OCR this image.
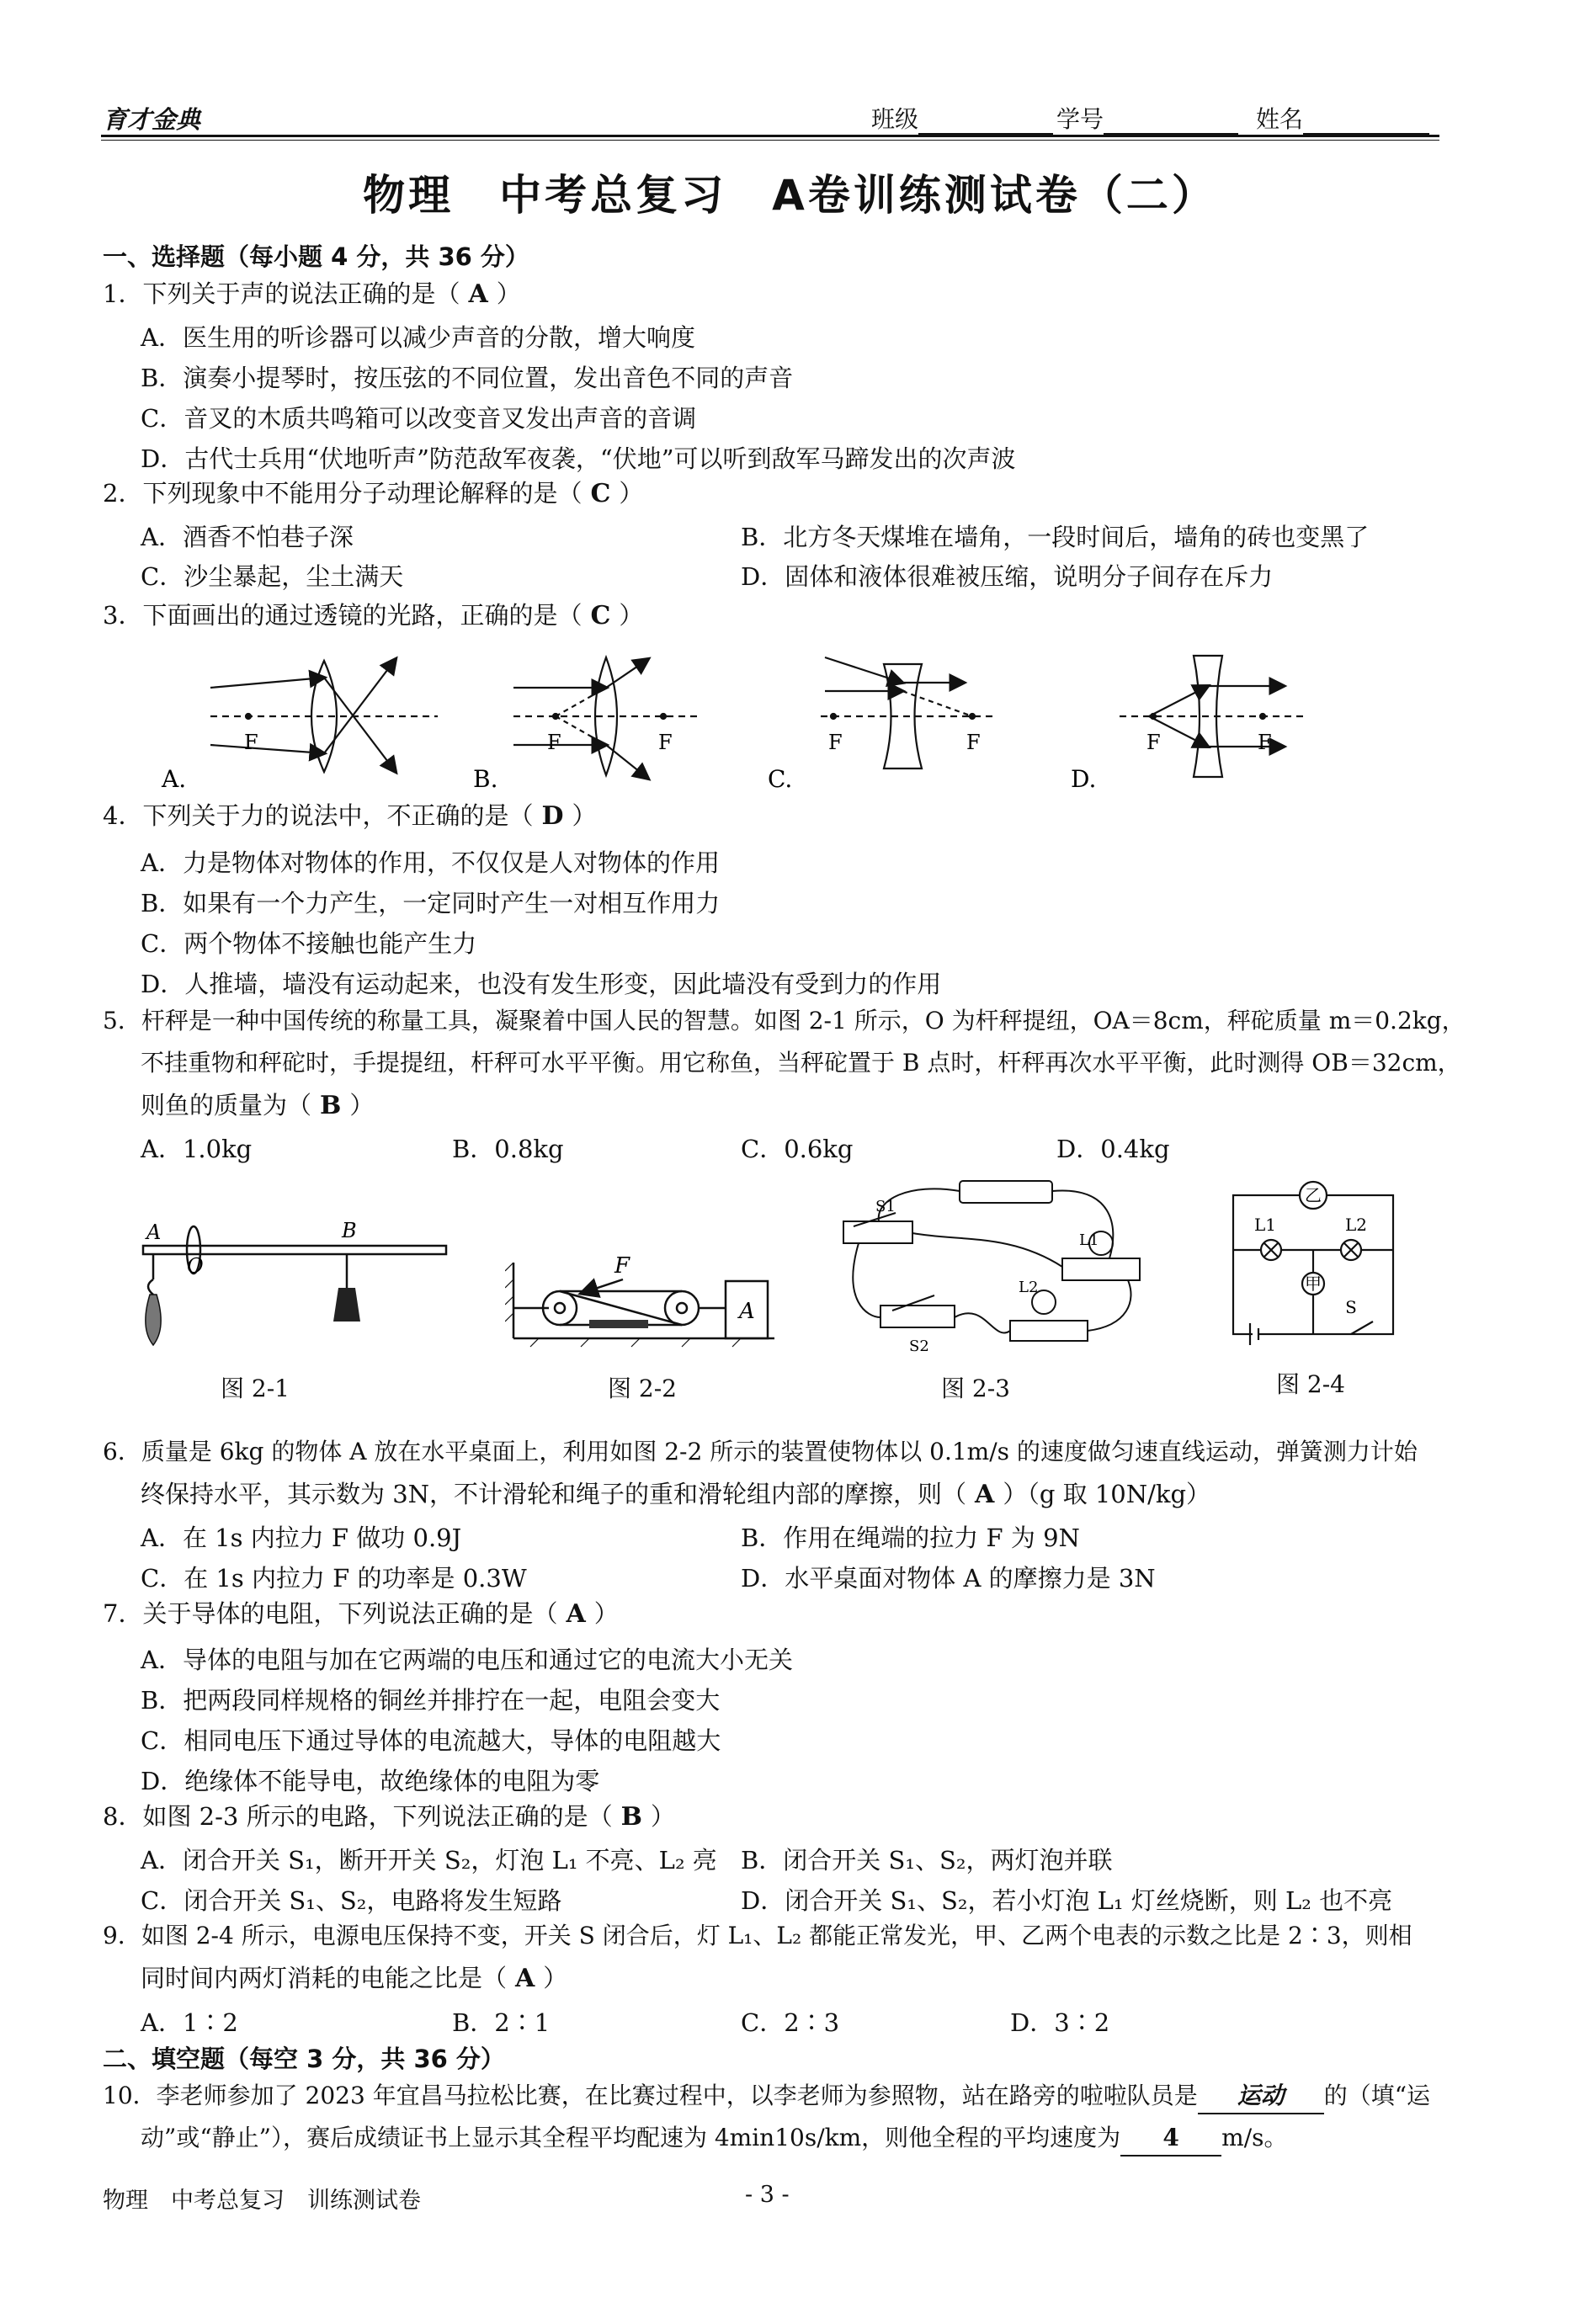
育才金典	班级	学号	姓名
物理　中考总复习　A卷训练测试卷（二）
一、选择题（每小题 4 分，共 36 分）
1．下列关于声的说法正确的是（ A ）
A．医生用的听诊器可以减少声音的分散，增大响度
B．演奏小提琴时，按压弦的不同位置，发出音色不同的声音
C．音叉的木质共鸣箱可以改变音叉发出声音的音调
D．古代士兵用“伏地听声”防范敌军夜袭，“伏地”可以听到敌军马蹄发出的次声波
2．下列现象中不能用分子动理论解释的是（ C ）
A．酒香不怕巷子深	B．北方冬天煤堆在墙角，一段时间后，墙角的砖也变黑了
C．沙尘暴起，尘土满天	D．固体和液体很难被压缩，说明分子间存在斥力
3．下面画出的通过透镜的光路，正确的是（ C ）
F	F	F	F	F	F	F
A.	B.	C.	D.
4．下列关于力的说法中，不正确的是（ D ）
A．力是物体对物体的作用，不仅仅是人对物体的作用
B．如果有一个力产生，一定同时产生一对相互作用力
C．两个物体不接触也能产生力
D．人推墙，墙没有运动起来，也没有发生形变，因此墙没有受到力的作用
5．杆秤是一种中国传统的称量工具，凝聚着中国人民的智慧。如图 2-1 所示，O 为杆秤提纽，OA＝8cm，秤砣质量 m＝0.2kg，
不挂重物和秤砣时，手提提纽，杆秤可水平平衡。用它称鱼，当秤砣置于 B 点时，杆秤再次水平平衡，此时测得 OB＝32cm，
则鱼的质量为（ B ）
A．1.0kg	B．0.8kg	C．0.6kg	D．0.4kg
A
O
B
图 2-1
F
A
图 2-2
S1
L1
L2
S2
图 2-3
乙
L1	L2
甲
S
图 2-4
6．质量是 6kg 的物体 A 放在水平桌面上，利用如图 2-2 所示的装置使物体以 0.1m/s 的速度做匀速直线运动，弹簧测力计始
终保持水平，其示数为 3N，不计滑轮和绳子的重和滑轮组内部的摩擦，则（ A ）（g 取 10N/kg）
A．在 1s 内拉力 F 做功 0.9J	B．作用在绳端的拉力 F 为 9N
C．在 1s 内拉力 F 的功率是 0.3W	D．水平桌面对物体 A 的摩擦力是 3N
7．关于导体的电阻，下列说法正确的是（ A ）
A．导体的电阻与加在它两端的电压和通过它的电流大小无关
B．把两段同样规格的铜丝并排拧在一起，电阻会变大
C．相同电压下通过导体的电流越大，导体的电阻越大
D．绝缘体不能导电，故绝缘体的电阻为零
8．如图 2-3 所示的电路，下列说法正确的是（ B ）
A．闭合开关 S₁，断开开关 S₂，灯泡 L₁ 不亮、L₂ 亮 B．闭合开关 S₁、S₂，两灯泡并联
C．闭合开关 S₁、S₂，电路将发生短路	D．闭合开关 S₁、S₂，若小灯泡 L₁ 灯丝烧断，则 L₂ 也不亮
9．如图 2-4 所示，电源电压保持不变，开关 S 闭合后，灯 L₁、L₂ 都能正常发光，甲、乙两个电表的示数之比是 2∶3，则相
同时间内两灯消耗的电能之比是（ A ）
A．1∶2	B．2∶1	C．2∶3	D．3∶2
二、填空题（每空 3 分，共 36 分）
10．李老师参加了 2023 年宜昌马拉松比赛，在比赛过程中，以李老师为参照物，站在路旁的啦啦队员是 运动 的（填“运
动”或“静止”），赛后成绩证书上显示其全程平均配速为 4min10s/km，则他全程的平均速度为 4 m/s。
物理　中考总复习　训练测试卷	- 3 -
